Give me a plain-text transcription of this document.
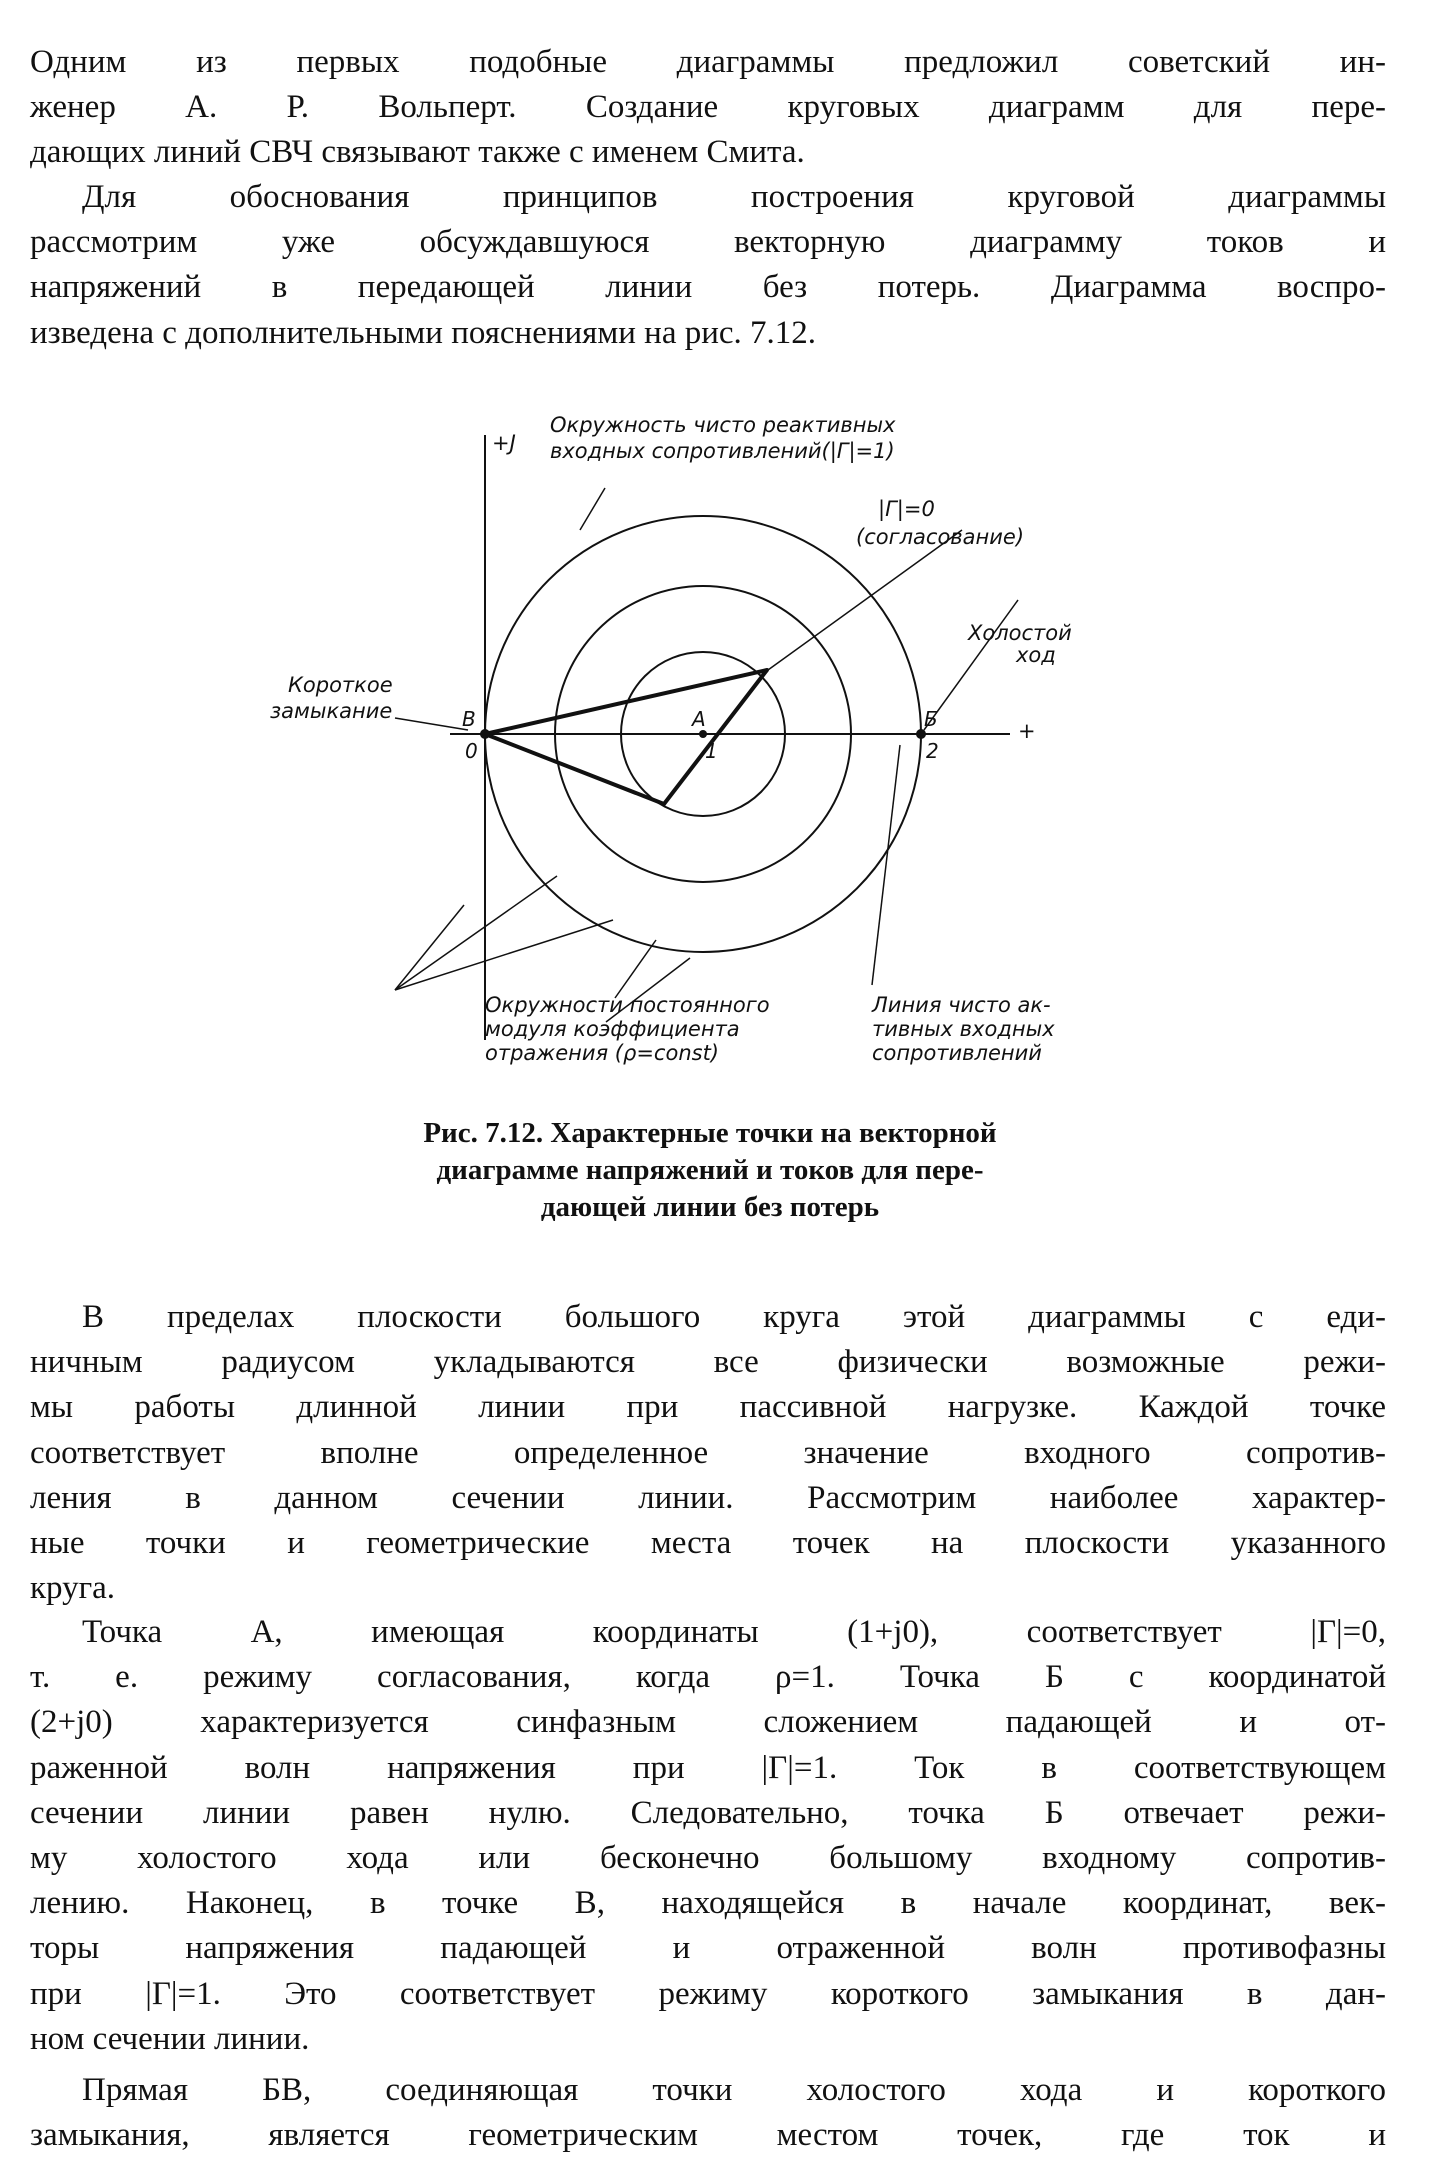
Одним из первых подобные диаграммы предложил советский ин-
женер А. Р. Вольперт. Создание круговых диаграмм для пере-
дающих линий СВЧ связывают также с именем Смита.
Для обоснования принципов построения круговой диаграммы
рассмотрим уже обсуждавшуюся векторную диаграмму токов и
напряжений в передающей линии без потерь. Диаграмма воспро-
изведена с дополнительными пояснениями на рис. 7.12.
+J
+
Окружность чисто реактивных
входных сопротивлений(|Γ|=1)
|Γ|=0
(согласование)
Холостой
ход
Короткое
замыкание
Окружности постоянного
модуля коэффициента
отражения (ρ=const)
Линия чисто ак-
тивных входных
сопротивлений
A	Б
В
0	1	2
Рис. 7.12. Характерные точки на векторной
диаграмме напряжений и токов для пере-
дающей линии без потерь
В пределах плоскости большого круга этой диаграммы с еди-
ничным радиусом укладываются все физически возможные режи-
мы работы длинной линии при пассивной нагрузке. Каждой точке
соответствует вполне определенное значение входного сопротив-
ления в данном сечении линии. Рассмотрим наиболее характер-
ные точки и геометрические места точек на плоскости указанного
круга.
Точка А, имеющая координаты (1+j0), соответствует |Γ|=0,
т. е. режиму согласования, когда ρ=1. Точка Б с координатой
(2+j0) характеризуется синфазным сложением падающей и от-
раженной волн напряжения при |Γ|=1. Ток в соответствующем
сечении линии равен нулю. Следовательно, точка Б отвечает режи-
му холостого хода или бесконечно большому входному сопротив-
лению. Наконец, в точке В, находящейся в начале координат, век-
торы напряжения падающей и отраженной волн противофазны
при |Γ|=1. Это соответствует режиму короткого замыкания в дан-
ном сечении линии.
Прямая БВ, соединяющая точки холостого хода и короткого
замыкания, является геометрическим местом точек, где ток и
